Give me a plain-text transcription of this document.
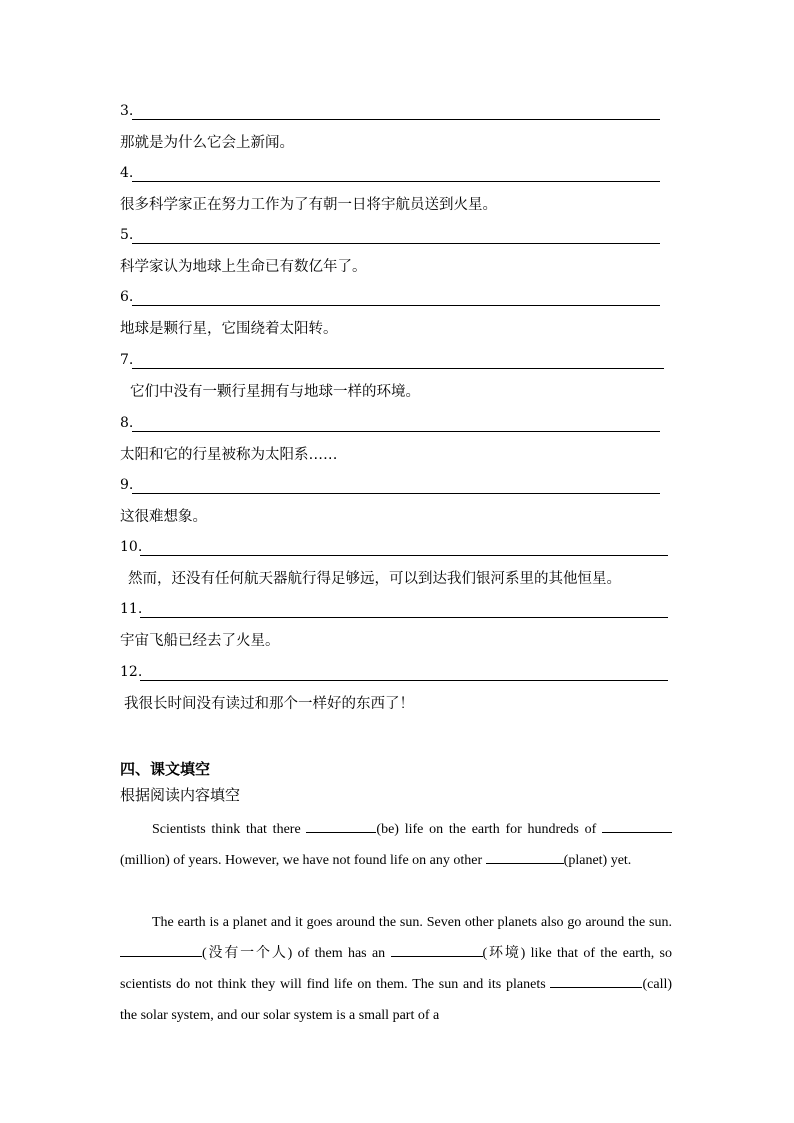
3.
那就是为什么它会上新闻。
4.
很多科学家正在努力工作为了有朝一日将宇航员送到火星。
5.
科学家认为地球上生命已有数亿年了。
6.
地球是颗行星，它围绕着太阳转。
7.
它们中没有一颗行星拥有与地球一样的环境。
8.
太阳和它的行星被称为太阳系……
9.
这很难想象。
10.
然而，还没有任何航天器航行得足够远，可以到达我们银河系里的其他恒星。
11.
宇宙飞船已经去了火星。
12.
我很长时间没有读过和那个一样好的东西了！
四、课文填空
根据阅读内容填空
Scientists think that there	(be) life on the earth for hundreds of (million) of years. However, we have not found life on any other	(planet) yet.
The earth is a planet and it goes around the sun. Seven other planets also go around the sun. (没有一个人) of them has an	(环境) like that of the earth, so scientists do not think they will find life on them. The sun and its planets	(call) the solar system, and our solar system is a small part of a
